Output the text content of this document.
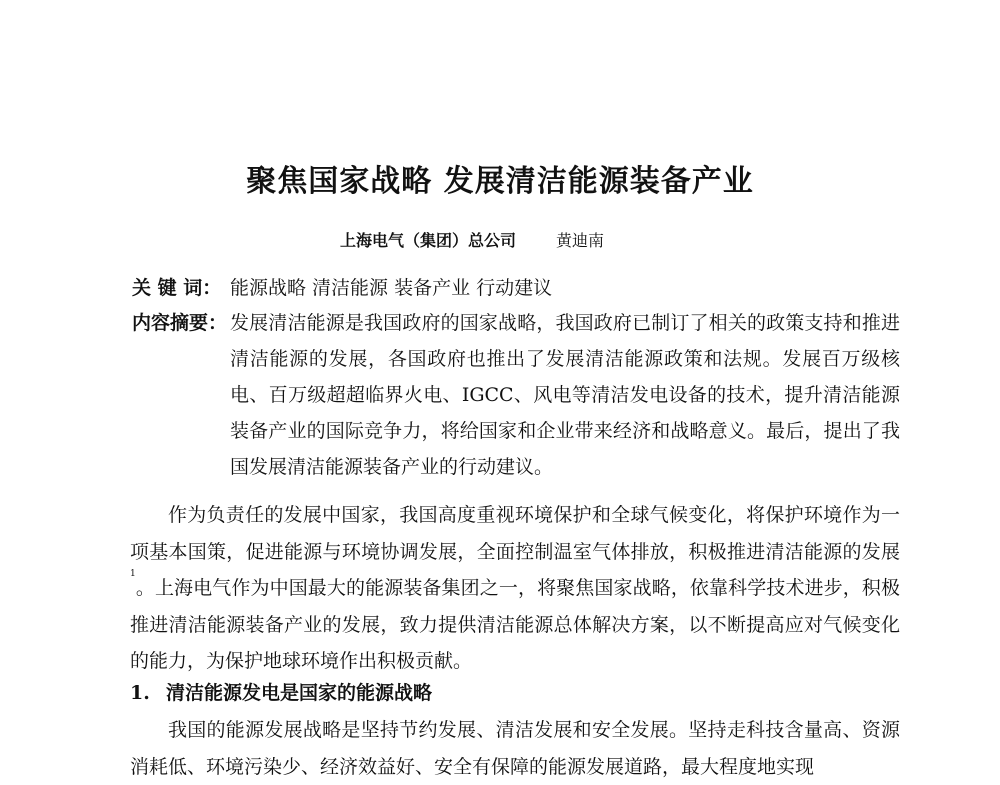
聚焦国家战略 发展清洁能源装备产业
上海电气（集团）总公司	黄迪南
关 键 词： 能源战略 清洁能源 装备产业 行动建议
内容摘要： 发展清洁能源是我国政府的国家战略，我国政府已制订了相关的政策支持和推进清洁能源的发展，各国政府也推出了发展清洁能源政策和法规。发展百万级核电、百万级超超临界火电、IGCC、风电等清洁发电设备的技术，提升清洁能源装备产业的国际竞争力，将给国家和企业带来经济和战略意义。最后，提出了我国发展清洁能源装备产业的行动建议。

作为负责任的发展中国家，我国高度重视环境保护和全球气候变化，将保护环境作为一项基本国策，促进能源与环境协调发展，全面控制温室气体排放，积极推进清洁能源的发展$^1$。上海电气作为中国最大的能源装备集团之一，将聚焦国家战略，依靠科学技术进步，积极推进清洁能源装备产业的发展，致力提供清洁能源总体解决方案，以不断提高应对气候变化的能力，为保护地球环境作出积极贡献。

1. 清洁能源发电是国家的能源战略

我国的能源发展战略是坚持节约发展、清洁发展和安全发展。坚持走科技含量高、资源消耗低、环境污染少、经济效益好、安全有保障的能源发展道路，最大程度地实现
